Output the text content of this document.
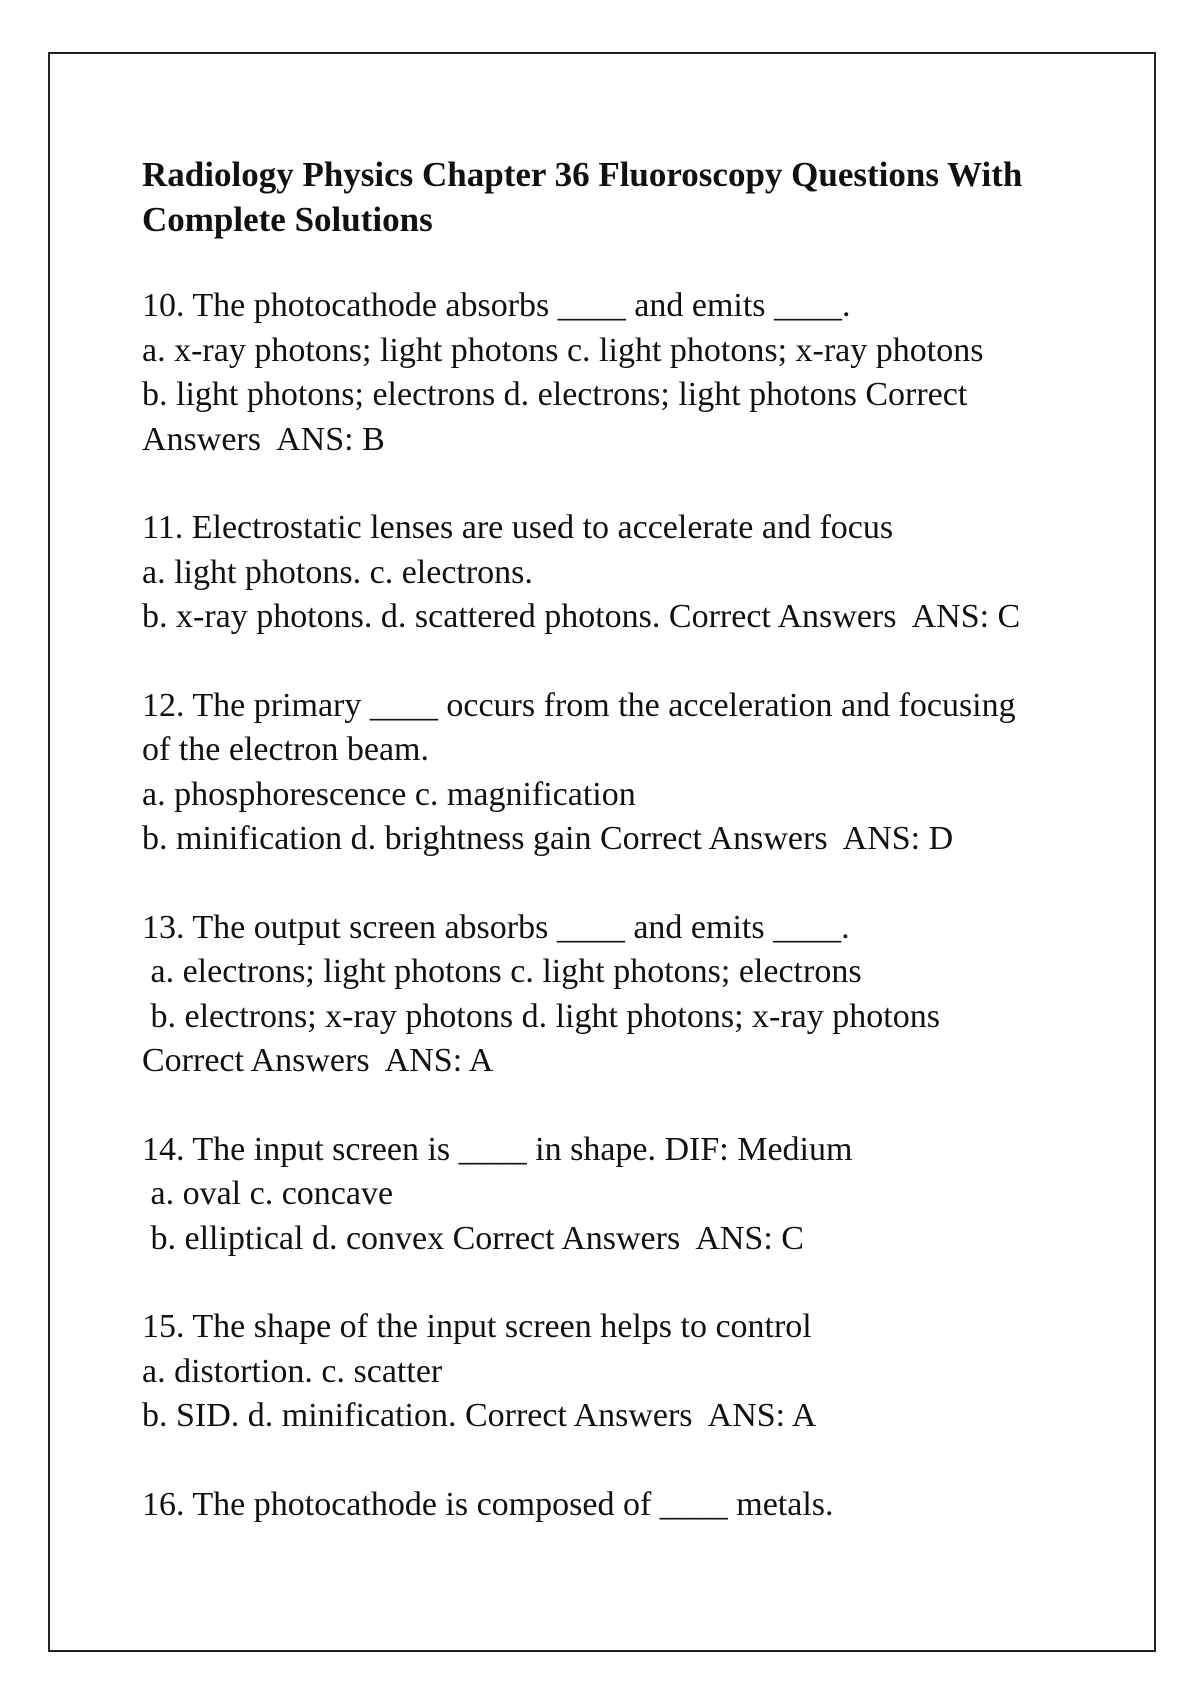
Radiology Physics Chapter 36 Fluoroscopy Questions With
Complete Solutions
10. The photocathode absorbs ____ and emits ____.
a. x-ray photons; light photons c. light photons; x-ray photons
b. light photons; electrons d. electrons; light photons Correct
Answers  ANS: B
11. Electrostatic lenses are used to accelerate and focus
a. light photons. c. electrons.
b. x-ray photons. d. scattered photons. Correct Answers  ANS: C
12. The primary ____ occurs from the acceleration and focusing
of the electron beam.
a. phosphorescence c. magnification
b. minification d. brightness gain Correct Answers  ANS: D
13. The output screen absorbs ____ and emits ____.
a. electrons; light photons c. light photons; electrons
b. electrons; x-ray photons d. light photons; x-ray photons
Correct Answers  ANS: A
14. The input screen is ____ in shape. DIF: Medium
a. oval c. concave
b. elliptical d. convex Correct Answers  ANS: C
15. The shape of the input screen helps to control
a. distortion. c. scatter
b. SID. d. minification. Correct Answers  ANS: A
16. The photocathode is composed of ____ metals.
